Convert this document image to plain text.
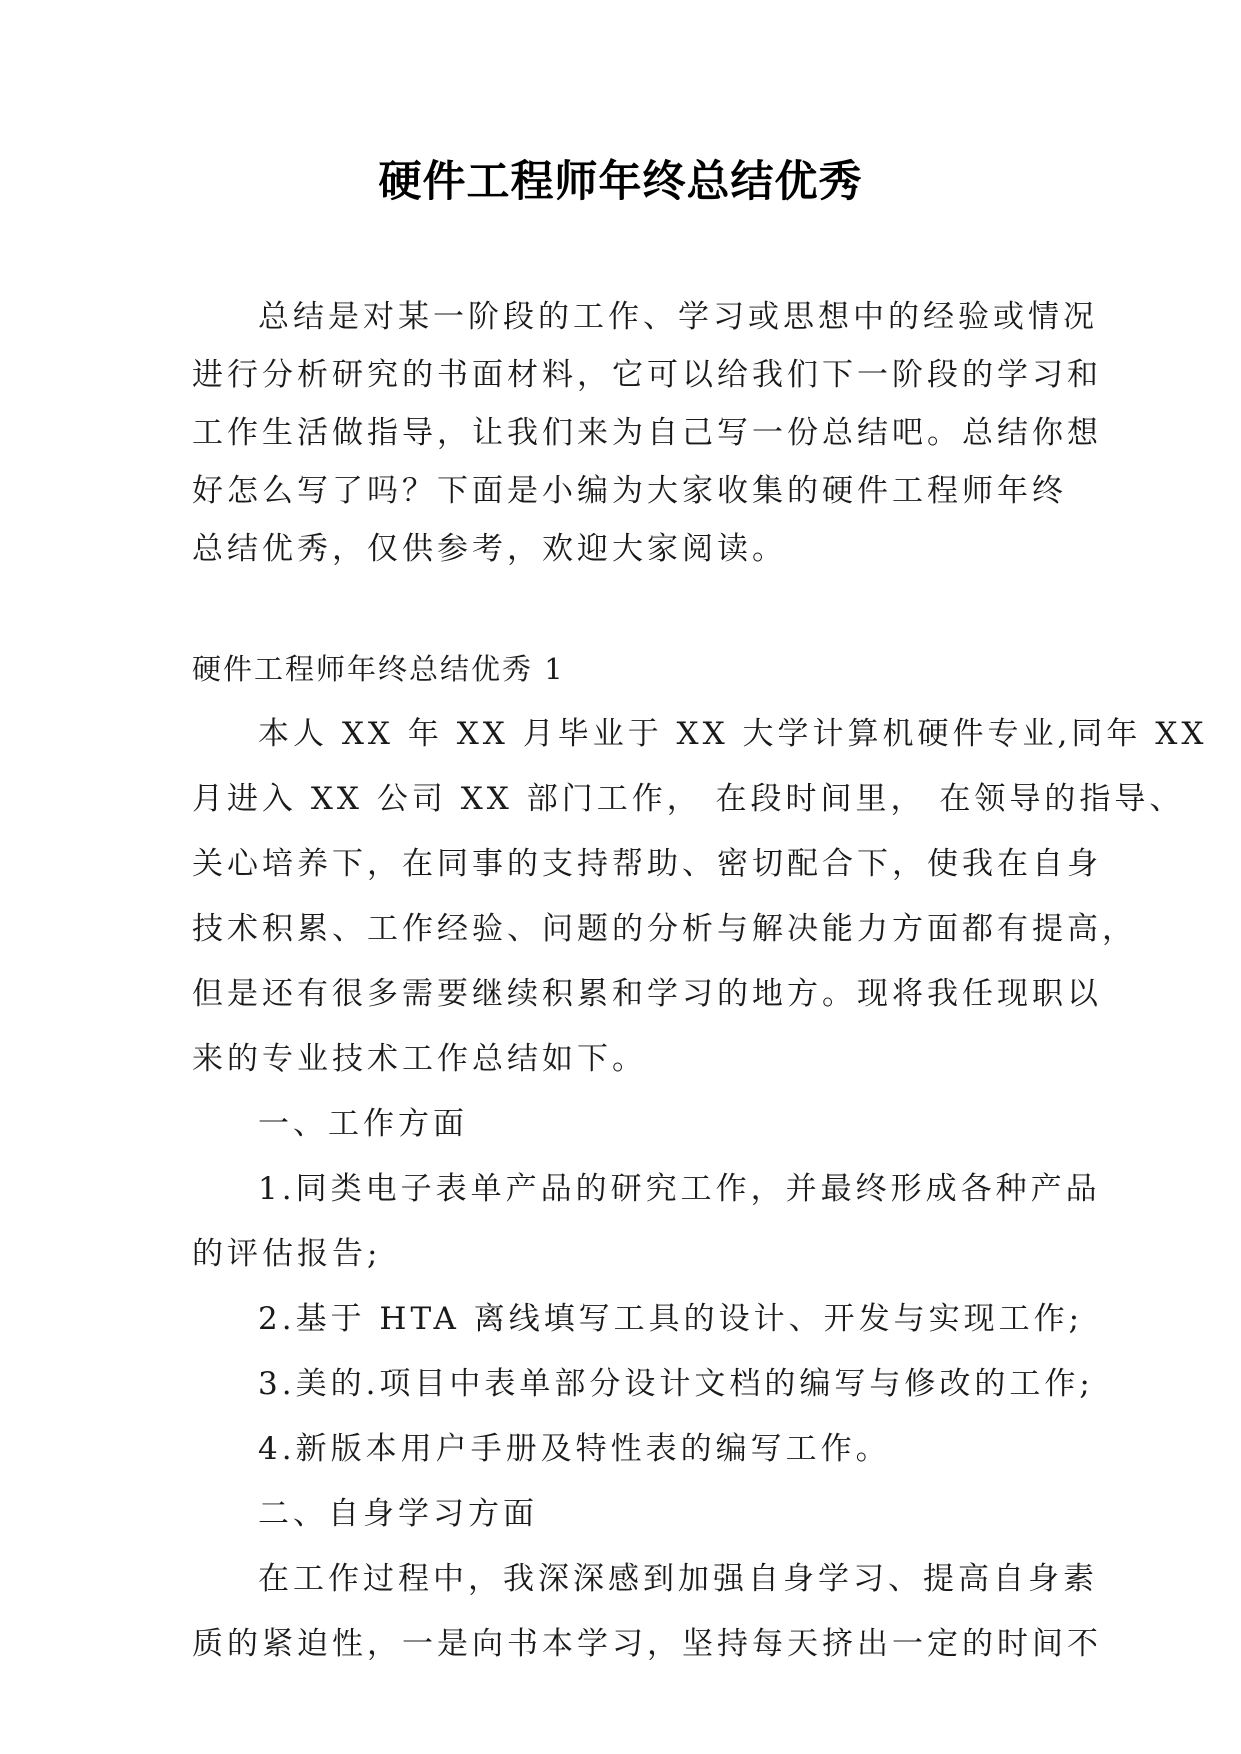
硬件工程师年终总结优秀
总结是对某一阶段的工作、学习或思想中的经验或情况
进行分析研究的书面材料，它可以给我们下一阶段的学习和
工作生活做指导，让我们来为自己写一份总结吧。总结你想
好怎么写了吗？下面是小编为大家收集的硬件工程师年终
总结优秀，仅供参考，欢迎大家阅读。
硬件工程师年终总结优秀 1
本人 XX 年 XX 月毕业于 XX 大学计算机硬件专业,同年 XX
月进入 XX 公司 XX 部门工作， 在段时间里， 在领导的指导、
关心培养下，在同事的支持帮助、密切配合下，使我在自身
技术积累、工作经验、问题的分析与解决能力方面都有提高，
但是还有很多需要继续积累和学习的地方。现将我任现职以
来的专业技术工作总结如下。
一、工作方面
1.同类电子表单产品的研究工作，并最终形成各种产品
的评估报告;
2.基于 HTA 离线填写工具的设计、开发与实现工作;
3.美的.项目中表单部分设计文档的编写与修改的工作;
4.新版本用户手册及特性表的编写工作。
二、自身学习方面
在工作过程中，我深深感到加强自身学习、提高自身素
质的紧迫性，一是向书本学习，坚持每天挤出一定的时间不
